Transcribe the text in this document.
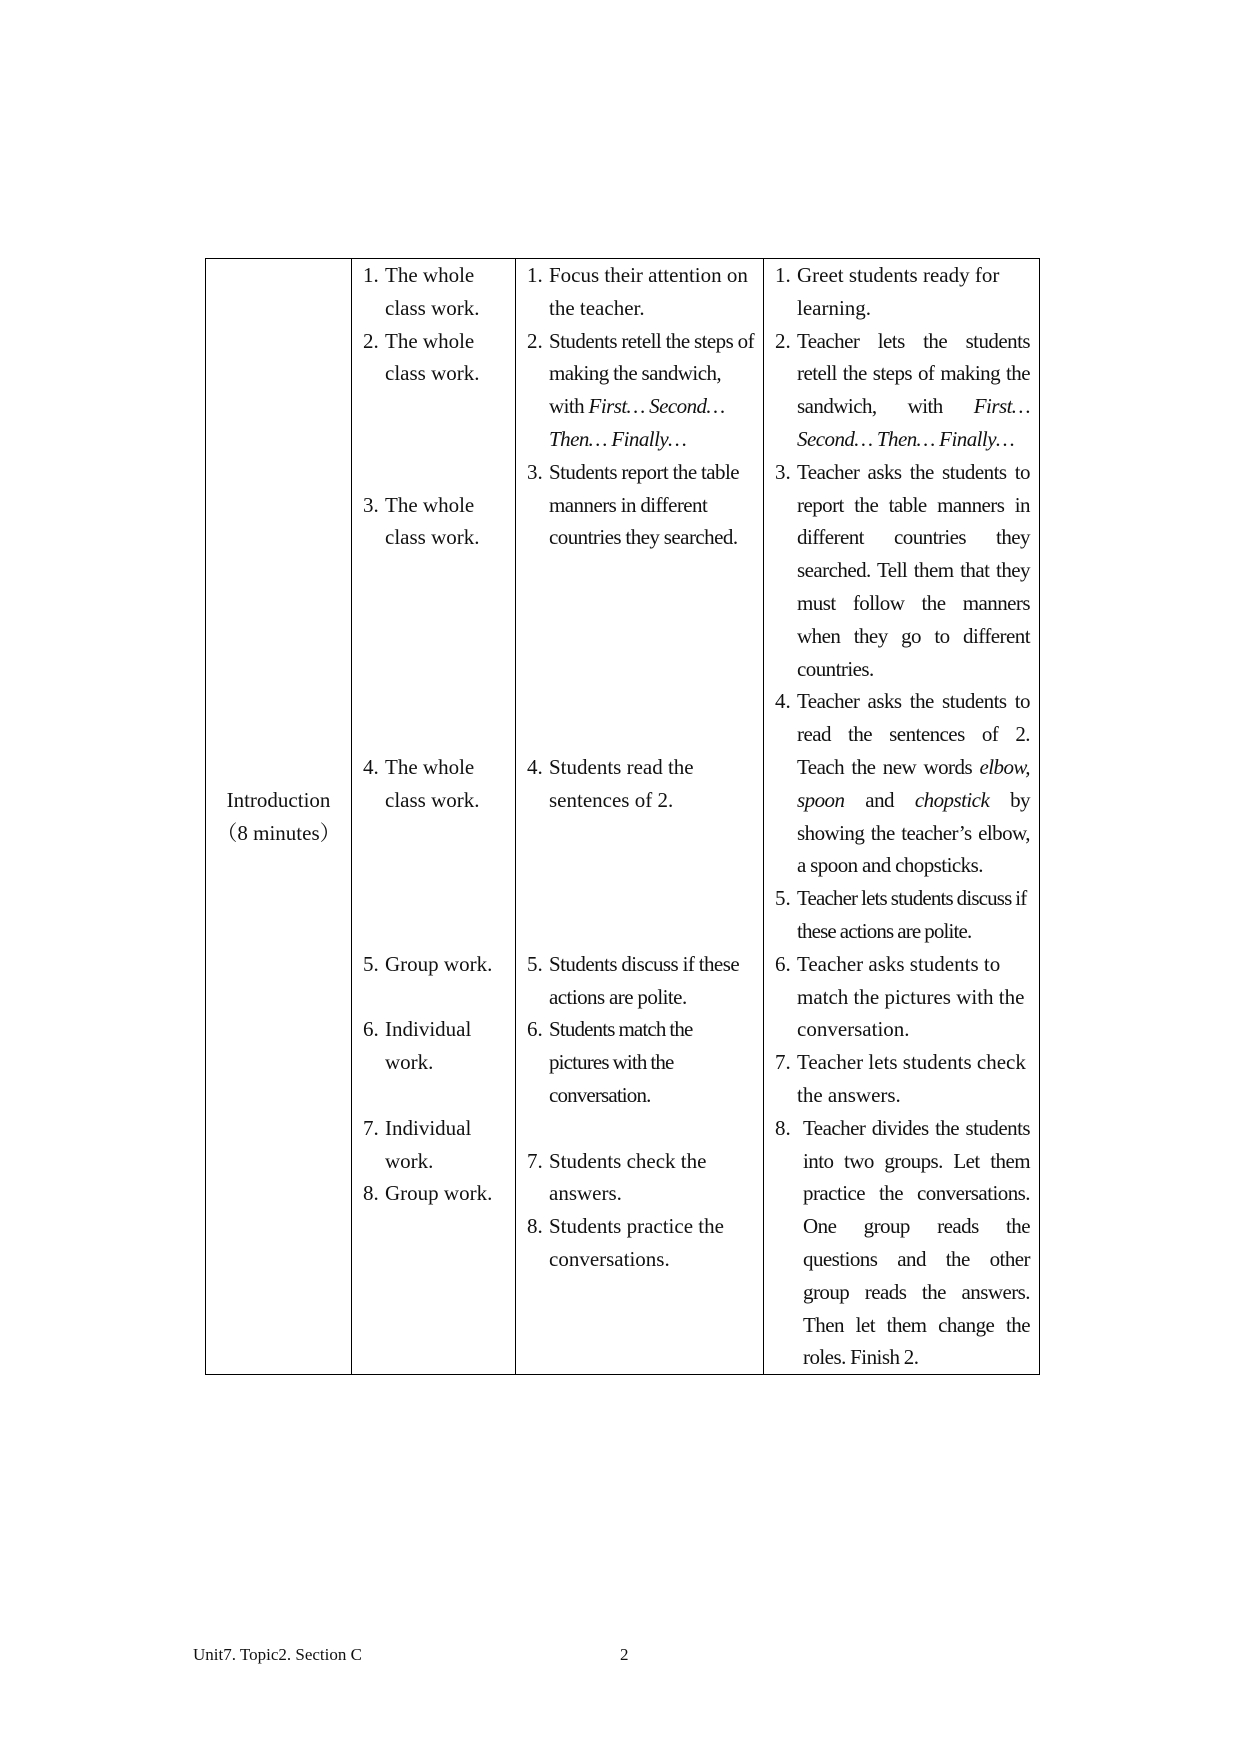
Introduction
（8 minutes）

1. The whole class work.
2. The whole class work.
3. The whole class work.
4. The whole class work.
5. Group work.
6. Individual work.
7. Individual work.
8. Group work.

1. Focus their attention on the teacher.
2. Students retell the steps of making the sandwich, with First… Second… Then… Finally…
3. Students report the table manners in different countries they searched.
4. Students read the sentences of 2.
5. Students discuss if these actions are polite.
6. Students match the pictures with the conversation.
7. Students check the answers.
8. Students practice the conversations.

1. Greet students ready for learning.
2. Teacher lets the students retell the steps of making the sandwich, with First… Second… Then… Finally…
3. Teacher asks the students to report the table manners in different countries they searched. Tell them that they must follow the manners when they go to different countries.
4. Teacher asks the students to read the sentences of 2. Teach the new words elbow, spoon and chopstick by showing the teacher’s elbow, a spoon and chopsticks.
5. Teacher lets students discuss if these actions are polite.
6. Teacher asks students to match the pictures with the conversation.
7. Teacher lets students check the answers.
8. Teacher divides the students into two groups. Let them practice the conversations. One group reads the questions and the other group reads the answers. Then let them change the roles. Finish 2.
Unit7. Topic2. Section C	2
